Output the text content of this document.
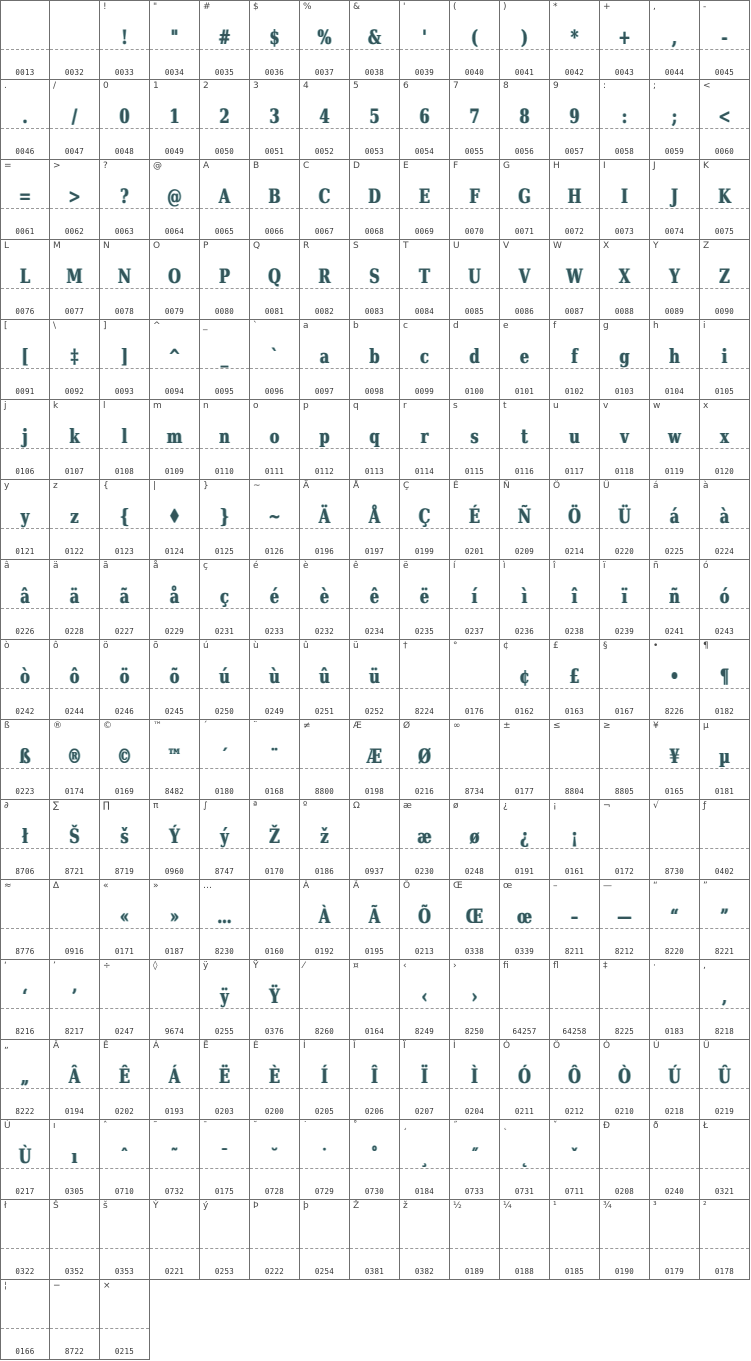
0013	0032
!
!
0033
"
"
0034
#
#
0035
$
$
0036
%
%
0037
&
&
0038
'
'
0039
(
(
0040
)
)
0041
*
*
0042
+
+
0043
,
,
0044
-
-
0045
.
.
0046
/
/
0047
0
0
0048
1
1
0049
2
2
0050
3
3
0051
4
4
0052
5
5
0053
6
6
0054
7
7
0055
8
8
0056
9
9
0057
:
:
0058
;
;
0059
<
<
0060
=
=
0061
>
>
0062
?
?
0063
@
@
0064
A
A
0065
B
B
0066
C
C
0067
D
D
0068
E
E
0069
F
F
0070
G
G
0071
H
H
0072
I
I
0073
J
J
0074
K
K
0075
L
L
0076
M
M
0077
N
N
0078
O
O
0079
P
P
0080
Q
Q
0081
R
R
0082
S
S
0083
T
T
0084
U
U
0085
V
V
0086
W
W
0087
X
X
0088
Y
Y
0089
Z
Z
0090
[
[
0091
\
‡
0092
]
]
0093
^
^
0094
_
_
0095
`
`
0096
a
a
0097
b
b
0098
c
c
0099
d
d
0100
e
e
0101
f
f
0102
g
g
0103
h
h
0104
i
i
0105
j
j
0106
k
k
0107
l
l
0108
m
m
0109
n
n
0110
o
o
0111
p
p
0112
q
q
0113
r
r
0114
s
s
0115
t
t
0116
u
u
0117
v
v
0118
w
w
0119
x
x
0120
y
y
0121
z
z
0122
{
{
0123
|
♦
0124
}
}
0125
~
~
0126
Ä
Ä
0196
Å
Å
0197
Ç
Ç
0199
É
É
0201
Ñ
Ñ
0209
Ö
Ö
0214
Ü
Ü
0220
á
á
0225
à
à
0224
â
â
0226
ä
ä
0228
ã
ã
0227
å
å
0229
ç
ç
0231
é
é
0233
è
è
0232
ê
ê
0234
ë
ë
0235
í
í
0237
ì
ì
0236
î
î
0238
ï
ï
0239
ñ
ñ
0241
ó
ó
0243
ò
ò
0242
ô
ô
0244
ö
ö
0246
õ
õ
0245
ú
ú
0250
ù
ù
0249
û
û
0251
ü
ü
0252
†
8224
°
0176
¢
¢
0162
£
£
0163
§
0167
•
•
8226
¶
¶
0182
ß
ß
0223
®
®
0174
©
©
0169
™
™
8482
´
´
0180
¨
¨
0168
≠
8800
Æ
Æ
0198
Ø
Ø
0216
∞
8734
±
0177
≤
8804
≥
8805
¥
¥
0165
µ
µ
0181
∂
ł
8706
∑
Š
8721
∏
š
8719
π
Ý
0960
∫
ý
8747
ª
Ž
0170
º
ž
0186
Ω
0937
æ
æ
0230
ø
ø
0248
¿
¿
0191
¡
¡
0161
¬
0172
√
8730
ƒ
0402
≈
8776
∆
0916
«
«
0171
»
»
0187
…
…
8230	0160
À
À
0192
Ã
Ã
0195
Õ
Õ
0213
Œ
Œ
0338
œ
œ
0339
–
–
8211
—
—
8212
“
“
8220
”
”
8221
‘
‘
8216
’
’
8217
÷
0247
◊
9674
ÿ
ÿ
0255
Ÿ
Ÿ
0376
⁄
8260
¤
0164
‹
‹
8249
›
›
8250
ﬁ
64257
ﬂ
64258
‡
8225
·
0183
‚
‚
8218
„
„
8222
Â
Â
0194
Ê
Ê
0202
Á
Á
0193
Ë
Ë
0203
È
È
0200
Í
Í
0205
Î
Î
0206
Ï
Ï
0207
Ì
Ì
0204
Ó
Ó
0211
Ô
Ô
0212
Ò
Ò
0210
Ú
Ú
0218
Û
Û
0219
Ù
Ù
0217
ı
ı
0305
ˆ
ˆ
0710
˜
˜
0732
¯
¯
0175
˘
˘
0728
˙
˙
0729
˚
˚
0730
¸
¸
0184
˝
˝
0733
˛
˛
0731
ˇ
ˇ
0711
Ð
0208
ð
0240
Ł
0321
ł
0322
Š
0352
š
0353
Ý
0221
ý
0253
Þ
0222
þ
0254
Ž
0381
ž
0382
½
0189
¼
0188
¹
0185
¾
0190
³
0179
²
0178
¦
0166
−
8722
×
0215
